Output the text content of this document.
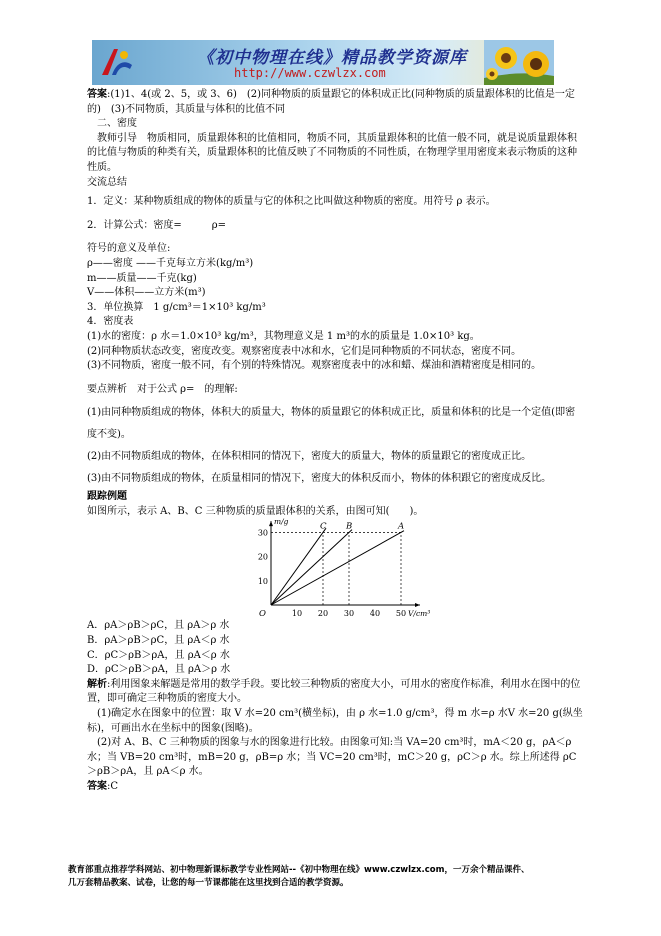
《初中物理在线》精品教学资源库
http://www.czwlzx.com

答案:(1)1、4(或 2、5，或 3、6)　(2)同种物质的质量跟它的体积成正比(同种物质的质量跟体积的比值是一定的)　(3)不同物质，其质量与体积的比值不同

二、密度

教师引导　物质相同，质量跟体积的比值相同，物质不同，其质量跟体积的比值一般不同，就是说质量跟体积的比值与物质的种类有关，质量跟体积的比值反映了不同物质的不同性质，在物理学里用密度来表示物质的这种性质。

交流总结

1．定义：某种物质组成的物体的质量与它的体积之比叫做这种物质的密度。用符号 ρ 表示。

2．计算公式：密度=　　　ρ=

符号的意义及单位:

ρ——密度 ——千克每立方米(kg/m³)

m——质量——千克(kg)

V——体积——立方米(m³)

3．单位换算　1 g/cm³＝1×10³ kg/m³

4．密度表

(1)水的密度：ρ 水＝1.0×10³ kg/m³，其物理意义是 1 m³的水的质量是 1.0×10³ kg。

(2)同种物质状态改变，密度改变。观察密度表中冰和水，它们是同种物质的不同状态，密度不同。

(3)不同物质，密度一般不同，有个别的特殊情况。观察密度表中的冰和蜡、煤油和酒精密度是相同的。

要点辨析　对于公式 ρ=　的理解:

(1)由同种物质组成的物体，体积大的质量大，物体的质量跟它的体积成正比，质量和体积的比是一个定值(即密度不变)。

(2)由不同物质组成的物体，在体积相同的情况下，密度大的质量大，物体的质量跟它的密度成正比。

(3)由不同物质组成的物体，在质量相同的情况下，密度大的体积反而小，物体的体积跟它的密度成反比。

跟踪例题

如图所示，表示 A、B、C 三种物质的质量跟体积的关系，由图可知(　　)。

C B	A
10 20 30 40 50
10
20
30
O
m/g
V/cm³

A．ρA＞ρB＞ρC，且 ρA＞ρ 水

B．ρA＞ρB＞ρC，且 ρA＜ρ 水

C．ρC＞ρB＞ρA，且 ρA＜ρ 水

D．ρC＞ρB＞ρA，且 ρA＞ρ 水

解析:利用图象来解题是常用的数学手段。要比较三种物质的密度大小，可用水的密度作标准，利用水在图中的位置，即可确定三种物质的密度大小。

(1)确定水在图象中的位置：取 V 水=20 cm³(横坐标)，由 ρ 水=1.0 g/cm³，得 m 水=ρ 水V 水=20 g(纵坐标)，可画出水在坐标中的图象(图略)。

(2)对 A、B、C 三种物质的图象与水的图象进行比较。由图象可知:当 VA=20 cm³时，mA＜20 g，ρA＜ρ 水；当 VB=20 cm³时，mB=20 g，ρB=ρ 水；当 VC=20 cm³时，mC＞20 g，ρC＞ρ 水。综上所述得 ρC＞ρB＞ρA，且 ρA＜ρ 水。

答案:C

教育部重点推荐学科网站、初中物理新课标教学专业性网站--《初中物理在线》www.czwlzx.com，一万余个精品课件、
几万套精品教案、试卷，让您的每一节课都能在这里找到合适的教学资源。
